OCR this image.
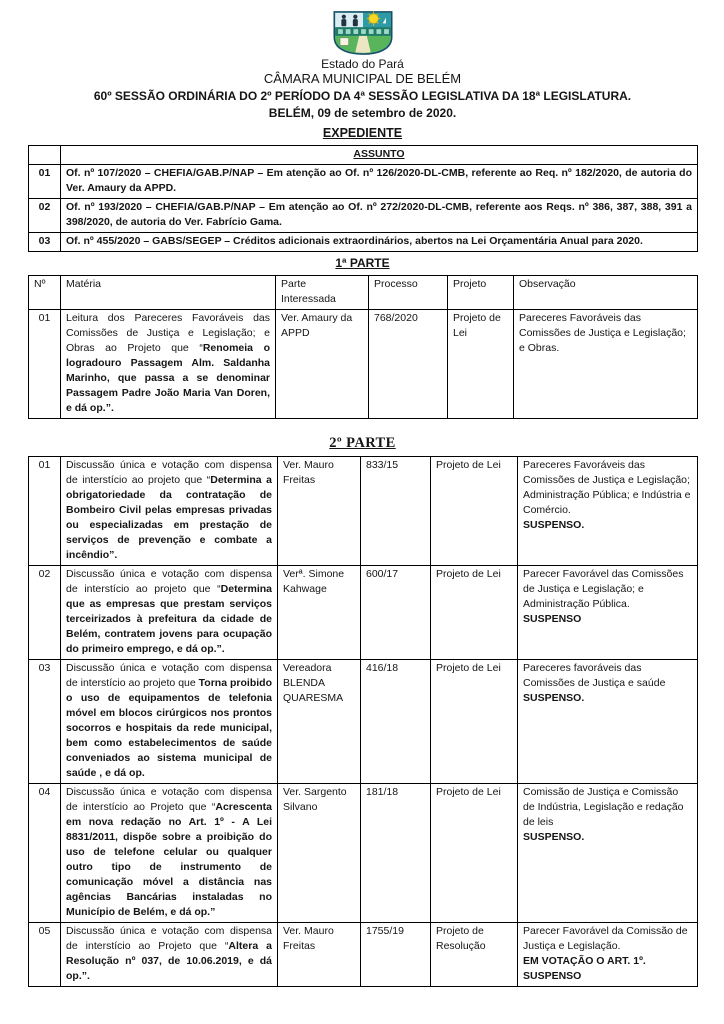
Estado do Pará
CÂMARA MUNICIPAL DE BELÉM
60º SESSÃO ORDINÁRIA DO 2º PERÍODO DA 4ª SESSÃO LEGISLATIVA DA 18ª LEGISLATURA.
BELÉM, 09 de setembro de 2020.
EXPEDIENTE
	ASSUNTO
01	Of. nº 107/2020 – CHEFIA/GAB.P/NAP – Em atenção ao Of. nº 126/2020-DL-CMB, referente ao Req. nº 182/2020, de autoria do Ver. Amaury da APPD.
02	Of. nº 193/2020 – CHEFIA/GAB.P/NAP – Em atenção ao Of. nº 272/2020-DL-CMB, referente aos Reqs. nº 386, 387, 388, 391 a 398/2020, de autoria do Ver. Fabrício Gama.
03	Of. nº 455/2020 – GABS/SEGEP – Créditos adicionais extraordinários, abertos na Lei Orçamentária Anual para 2020.
1ª PARTE
Nº	Matéria	Parte Interessada	Processo	Projeto	Observação
01	Leitura dos Pareceres Favoráveis das Comissões de Justiça e Legislação; e Obras ao Projeto que “Renomeia o logradouro Passagem Alm. Saldanha Marinho, que passa a se denominar Passagem Padre João Maria Van Doren, e dá op.”.	Ver. Amaury da APPD	768/2020	Projeto de Lei	Pareceres Favoráveis das Comissões de Justiça e Legislação; e Obras.
2º PARTE
01	Discussão única e votação com dispensa de interstício ao projeto que “Determina a obrigatoriedade da contratação de Bombeiro Civil pelas empresas privadas ou especializadas em prestação de serviços de prevenção e combate a incêndio”.	Ver. Mauro Freitas	833/15	Projeto de Lei	Pareceres Favoráveis das Comissões de Justiça e Legislação; Administração Pública; e Indústria e Comércio.
SUSPENSO.

02	Discussão única e votação com dispensa de interstício ao projeto que “Determina que as empresas que prestam serviços terceirizados à prefeitura da cidade de Belém, contratem jovens para ocupação do primeiro emprego, e dá op.”.	Verª. Simone Kahwage	600/17	Projeto de Lei	Parecer Favorável das Comissões de Justiça e Legislação; e Administração Pública.
SUSPENSO

03	Discussão única e votação com dispensa de interstício ao projeto que Torna proibido o uso de equipamentos de telefonia móvel em blocos cirúrgicos nos prontos socorros e hospitais da rede municipal, bem como estabelecimentos de saúde conveniados ao sistema municipal de saúde , e dá op.	Vereadora BLENDA QUARESMA	416/18	Projeto de Lei	Pareceres favoráveis das Comissões de Justiça e saúde
SUSPENSO.

04	Discussão única e votação com dispensa de interstício ao Projeto que “Acrescenta em nova redação no Art. 1º - A Lei 8831/2011, dispõe sobre a proibição do uso de telefone celular ou qualquer outro tipo de instrumento de comunicação móvel a distância nas agências Bancárias instaladas no Município de Belém, e dá op.”	Ver. Sargento Silvano	181/18	Projeto de Lei	Comissão de Justiça e Comissão de Indústria, Legislação e redação de leis
SUSPENSO.

05	Discussão única e votação com dispensa de interstício ao Projeto que “Altera a Resolução nº 037, de 10.06.2019, e dá op.”.	Ver. Mauro Freitas	1755/19	Projeto de Resolução	Parecer Favorável da Comissão de Justiça e Legislação.
EM VOTAÇÃO O ART. 1º.
SUSPENSO
